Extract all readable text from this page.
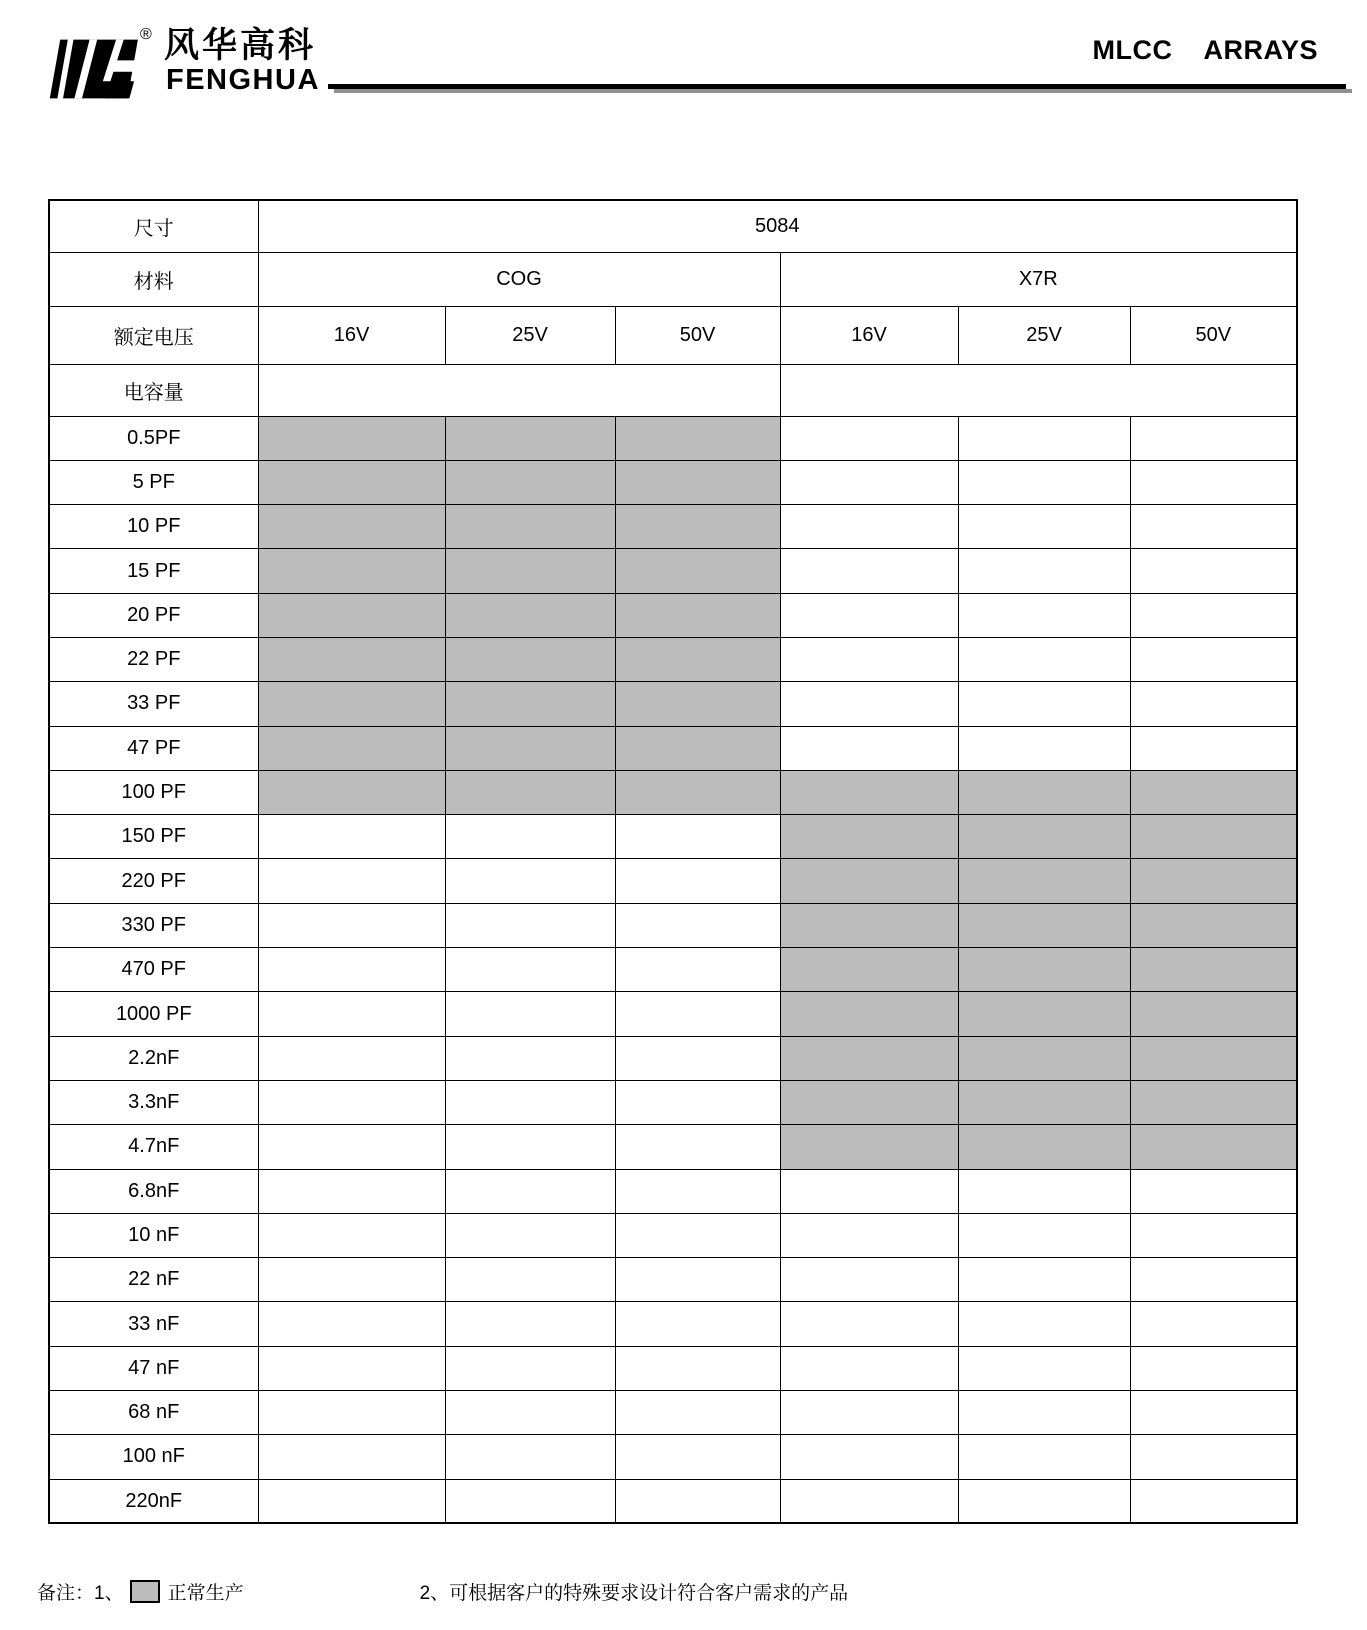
® 风华高科
FENGHUA
MLCC    ARRAYS
尺寸	5084					
材料	COG			X7R		
额定电压	16V	25V	50V	16V	25V	50V
电容量						
0.5PF						
5 PF						
10 PF						
15 PF						
20 PF						
22 PF						
33 PF						
47 PF						
100 PF						
150 PF						
220 PF						
330 PF						
470 PF						
1000 PF						
2.2nF						
3.3nF						
4.7nF						
6.8nF						
10 nF						
22 nF						
33 nF						
47 nF						
68 nF						
100 nF						
220nF						
备注：1、 正常生产	2、可根据客户的特殊要求设计符合客户需求的产品
